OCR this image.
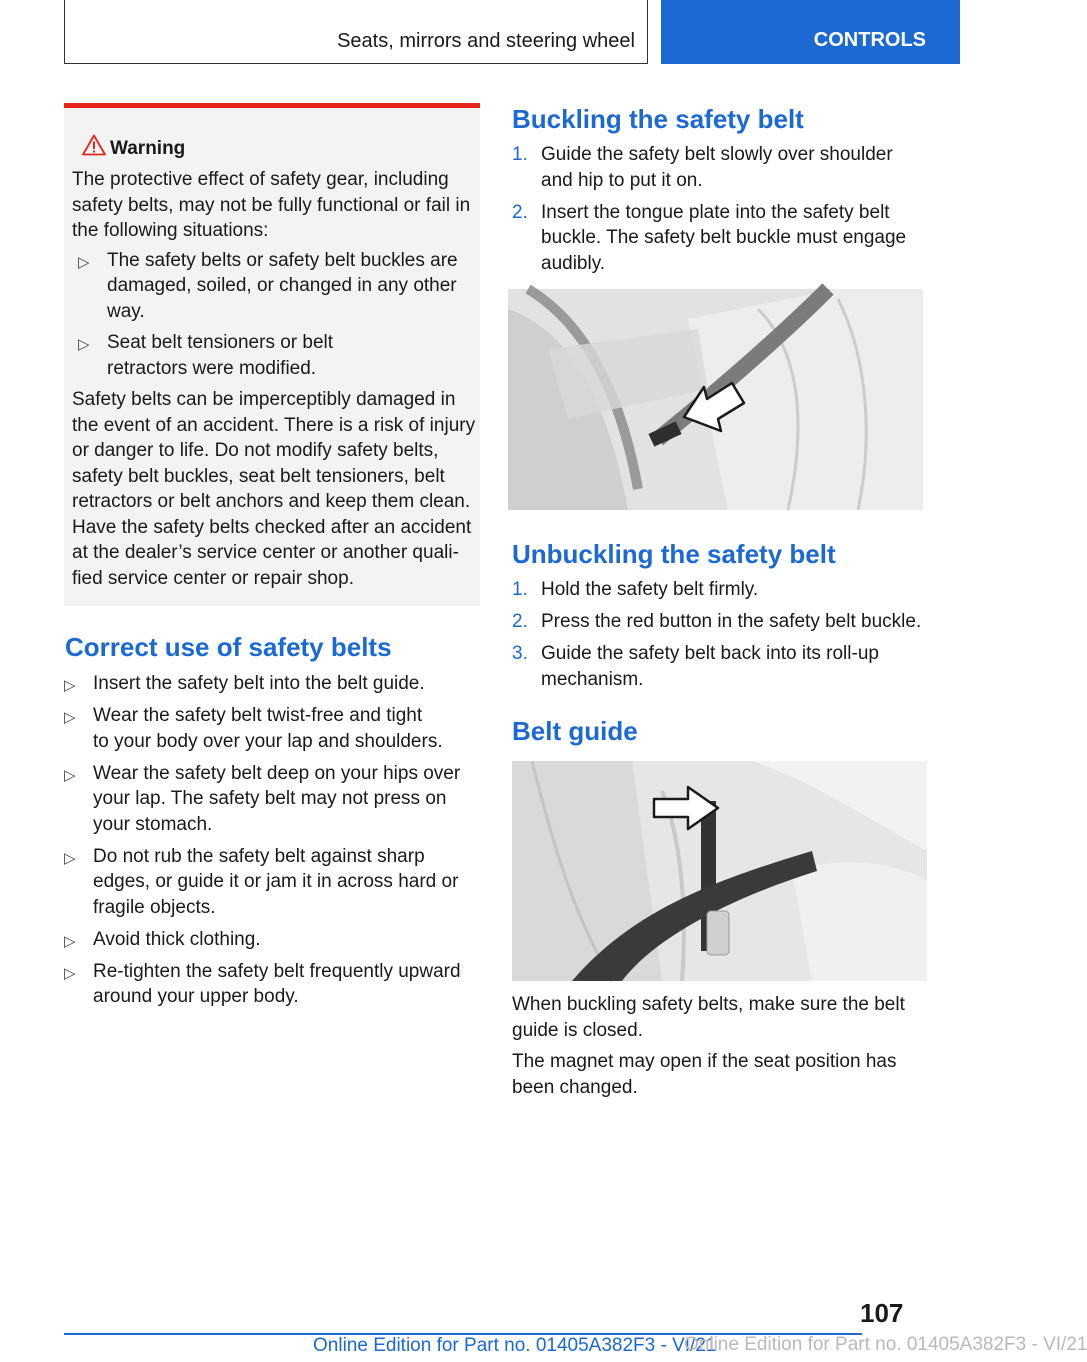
Seats, mirrors and steering wheel	CONTROLS
Warning

The protective effect of safety gear, including safety belts, may not be fully functional or fail in the following situations:

▷ The safety belts or safety belt buckles are damaged, soiled, or changed in any other way.
▷ Seat belt tensioners or belt retractors were modified.

Safety belts can be imperceptibly damaged in the event of an accident. There is a risk of injury or danger to life. Do not modify safety belts, safety belt buckles, seat belt tensioners, belt retractors or belt anchors and keep them clean. Have the safety belts checked after an accident at the dealer’s service center or another quali- fied service center or repair shop.

Correct use of safety belts
▷ Insert the safety belt into the belt guide.
▷ Wear the safety belt twist-free and tight to your body over your lap and shoulders.
▷ Wear the safety belt deep on your hips over your lap. The safety belt may not press on your stomach.
▷ Do not rub the safety belt against sharp edges, or guide it or jam it in across hard or fragile objects.
▷ Avoid thick clothing.
▷ Re-tighten the safety belt frequently upward around your upper body.
Buckling the safety belt
1. Guide the safety belt slowly over shoulder and hip to put it on.
2. Insert the tongue plate into the safety belt buckle. The safety belt buckle must engage audibly.
Unbuckling the safety belt
1. Hold the safety belt firmly.
2. Press the red button in the safety belt buckle.
3. Guide the safety belt back into its roll-up mechanism.
Belt guide

When buckling safety belts, make sure the belt guide is closed.

The magnet may open if the seat position has been changed.

107
Online Edition for Part no. 01405A382F3 - VI/21
Online Edition for Part no. 01405A382F3 - VI/21
